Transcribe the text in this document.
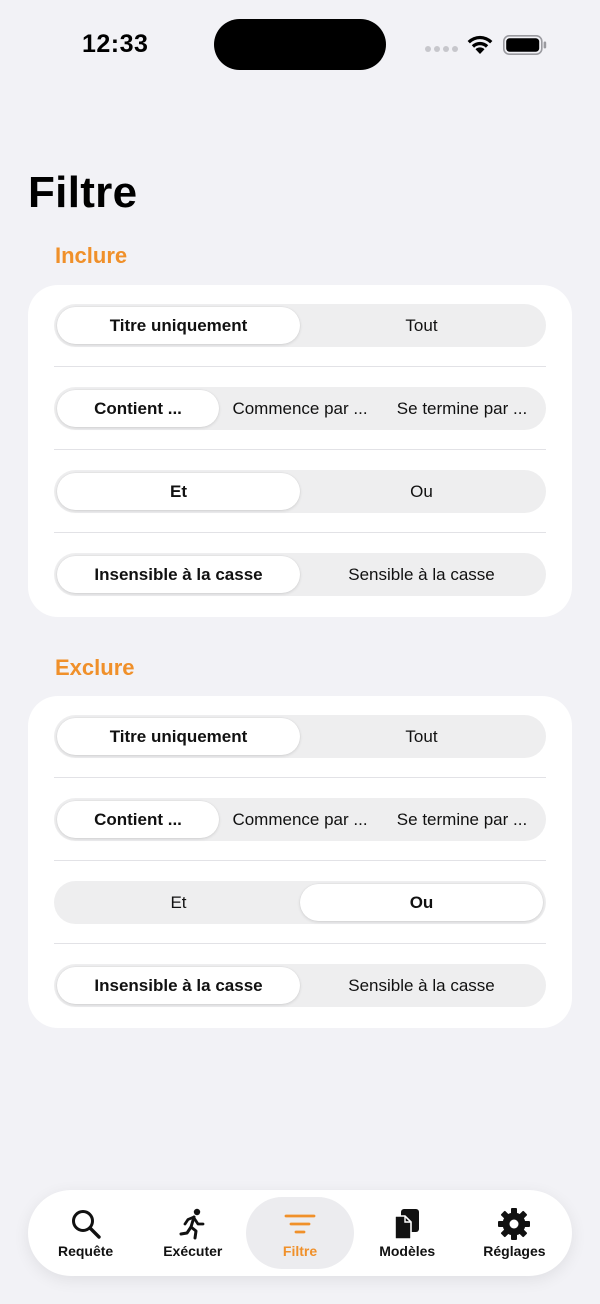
12:33
Filtre
Inclure
Titre uniquement	Tout
Contient ...	Commence par ...	Se termine par ...
Et	Ou
Insensible à la casse	Sensible à la casse
Exclure
Titre uniquement	Tout
Contient ...	Commence par ...	Se termine par ...
Et	Ou
Insensible à la casse	Sensible à la casse
Requête	Exécuter	Filtre	Modèles	Réglages
